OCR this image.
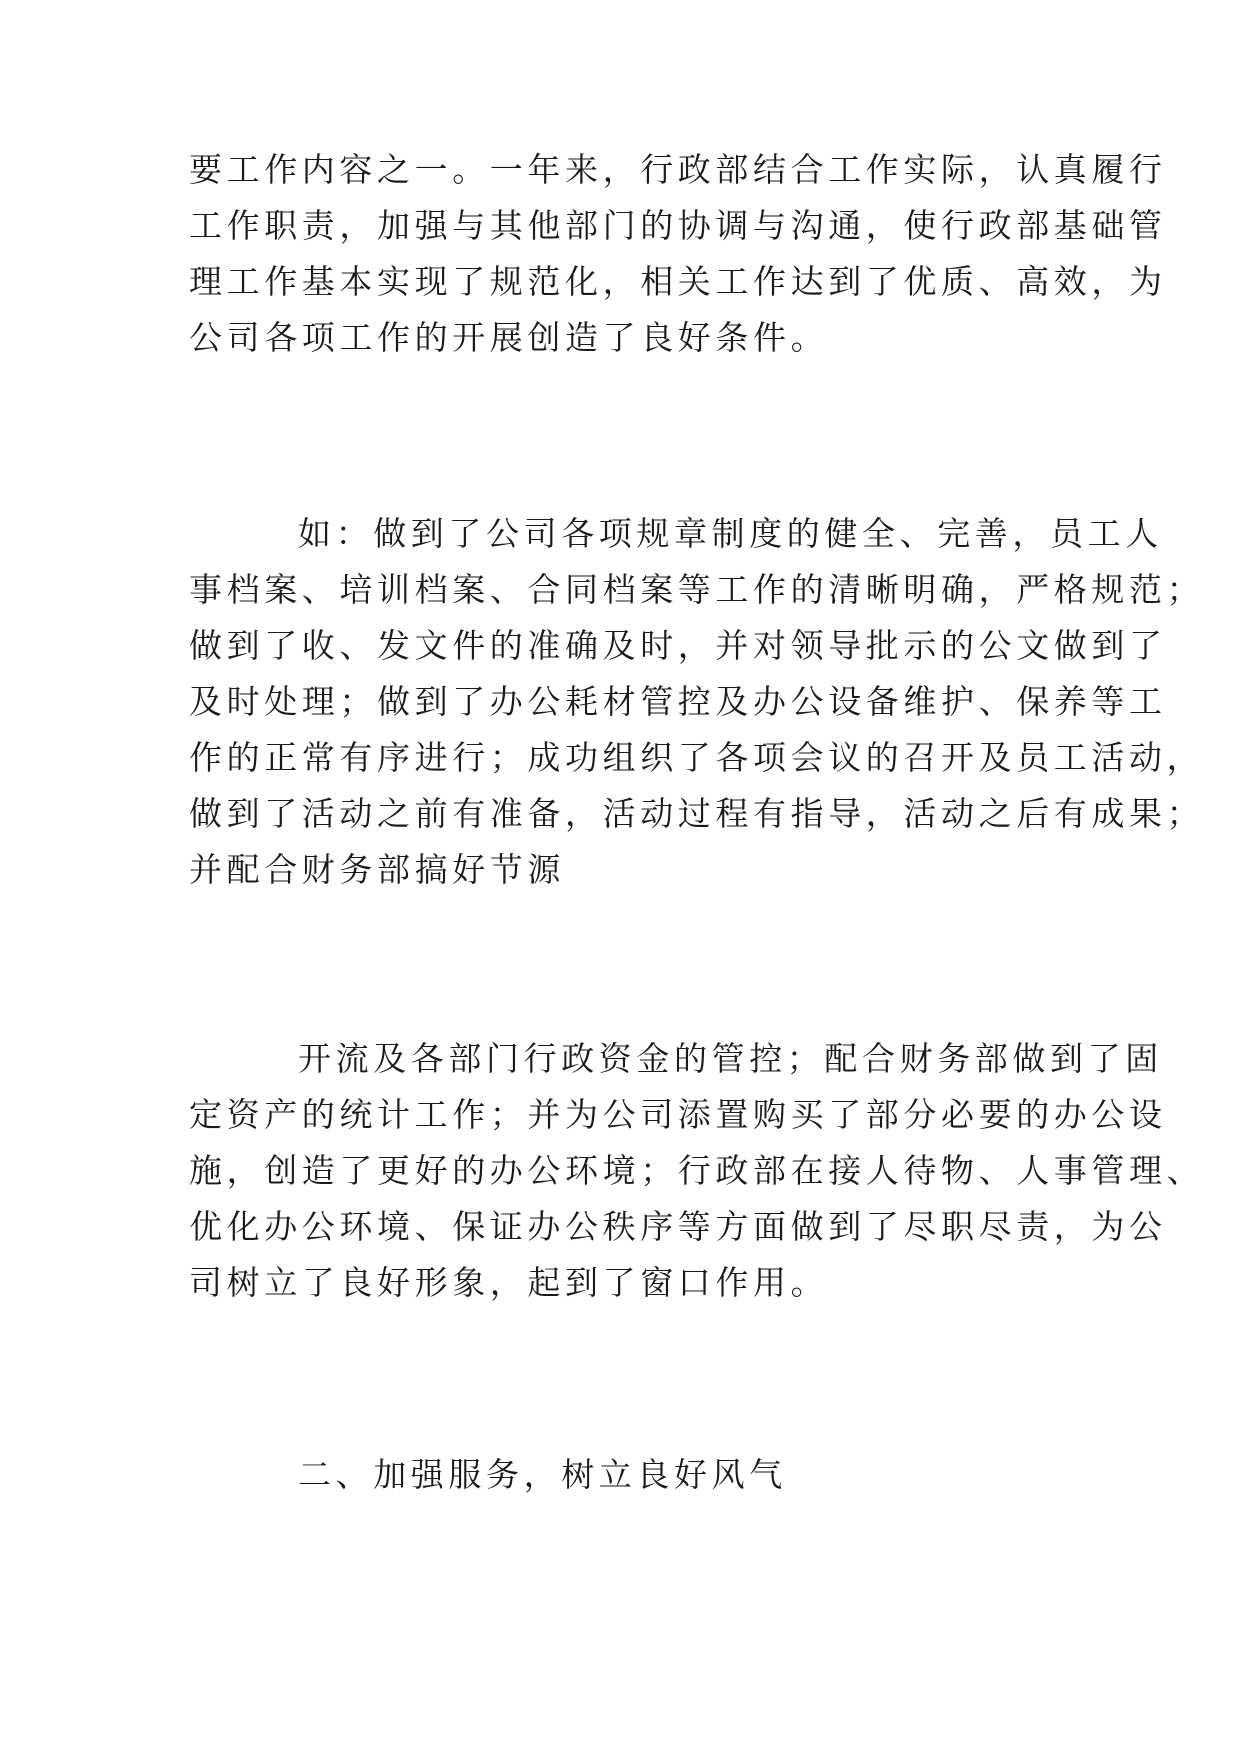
要工作内容之一。一年来，行政部结合工作实际，认真履行

工作职责，加强与其他部门的协调与沟通，使行政部基础管

理工作基本实现了规范化，相关工作达到了优质、高效，为

公司各项工作的开展创造了良好条件。

如：做到了公司各项规章制度的健全、完善，员工人

事档案、培训档案、合同档案等工作的清晰明确，严格规范；

做到了收、发文件的准确及时，并对领导批示的公文做到了

及时处理；做到了办公耗材管控及办公设备维护、保养等工

作的正常有序进行；成功组织了各项会议的召开及员工活动，

做到了活动之前有准备，活动过程有指导，活动之后有成果；

并配合财务部搞好节源

开流及各部门行政资金的管控；配合财务部做到了固

定资产的统计工作；并为公司添置购买了部分必要的办公设

施，创造了更好的办公环境；行政部在接人待物、人事管理、

优化办公环境、保证办公秩序等方面做到了尽职尽责，为公

司树立了良好形象，起到了窗口作用。

二、加强服务，树立良好风气
